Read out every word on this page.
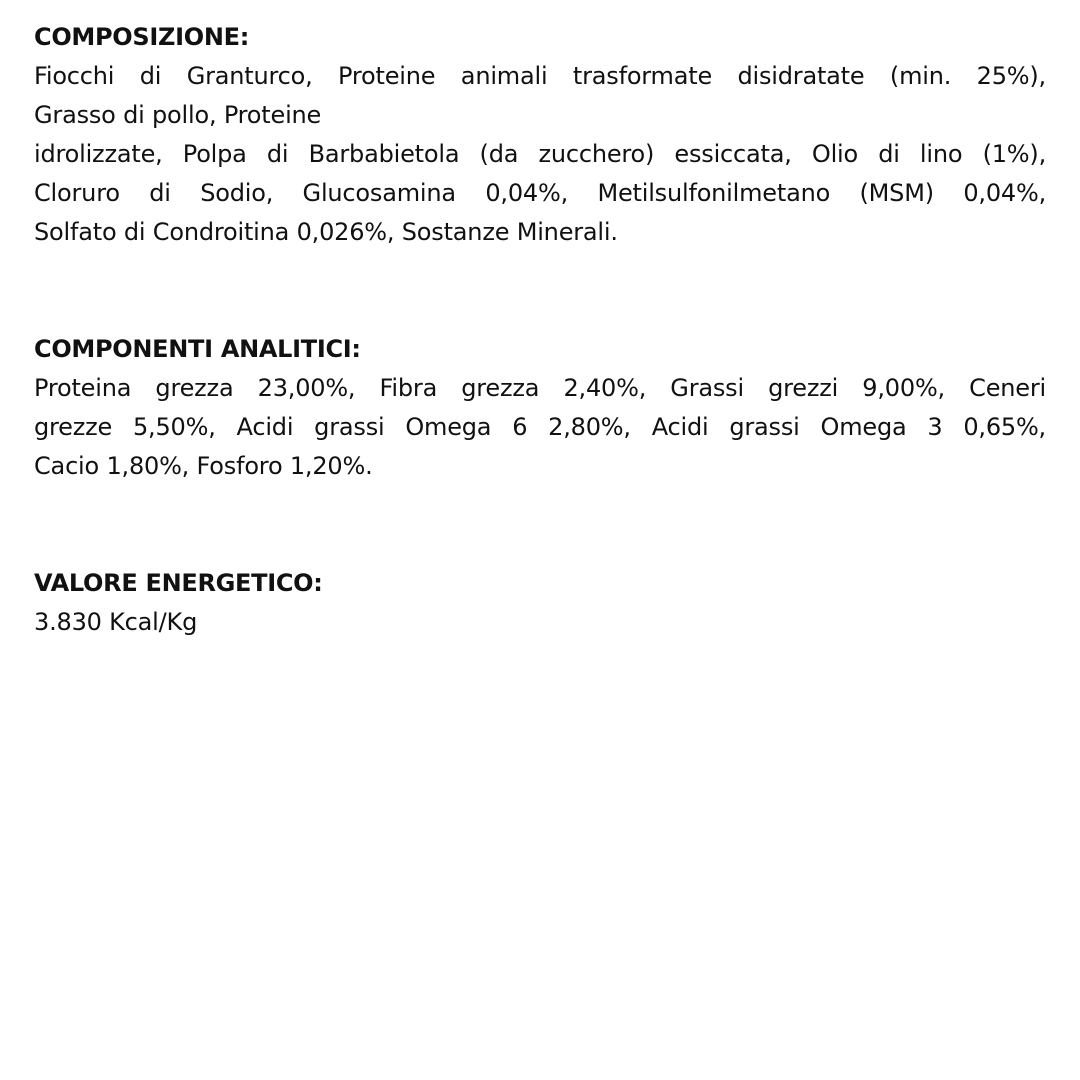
COMPOSIZIONE:
Fiocchi di Granturco, Proteine animali trasformate disidratate (min. 25%),
Grasso di pollo, Proteine
idrolizzate, Polpa di Barbabietola (da zucchero) essiccata, Olio di lino (1%),
Cloruro di Sodio, Glucosamina 0,04%, Metilsulfonilmetano (MSM) 0,04%,
Solfato di Condroitina 0,026%, Sostanze Minerali.
COMPONENTI ANALITICI:
Proteina grezza 23,00%, Fibra grezza 2,40%, Grassi grezzi 9,00%, Ceneri
grezze 5,50%, Acidi grassi Omega 6 2,80%, Acidi grassi Omega 3 0,65%,
Cacio 1,80%, Fosforo 1,20%.
VALORE ENERGETICO:
3.830 Kcal/Kg
